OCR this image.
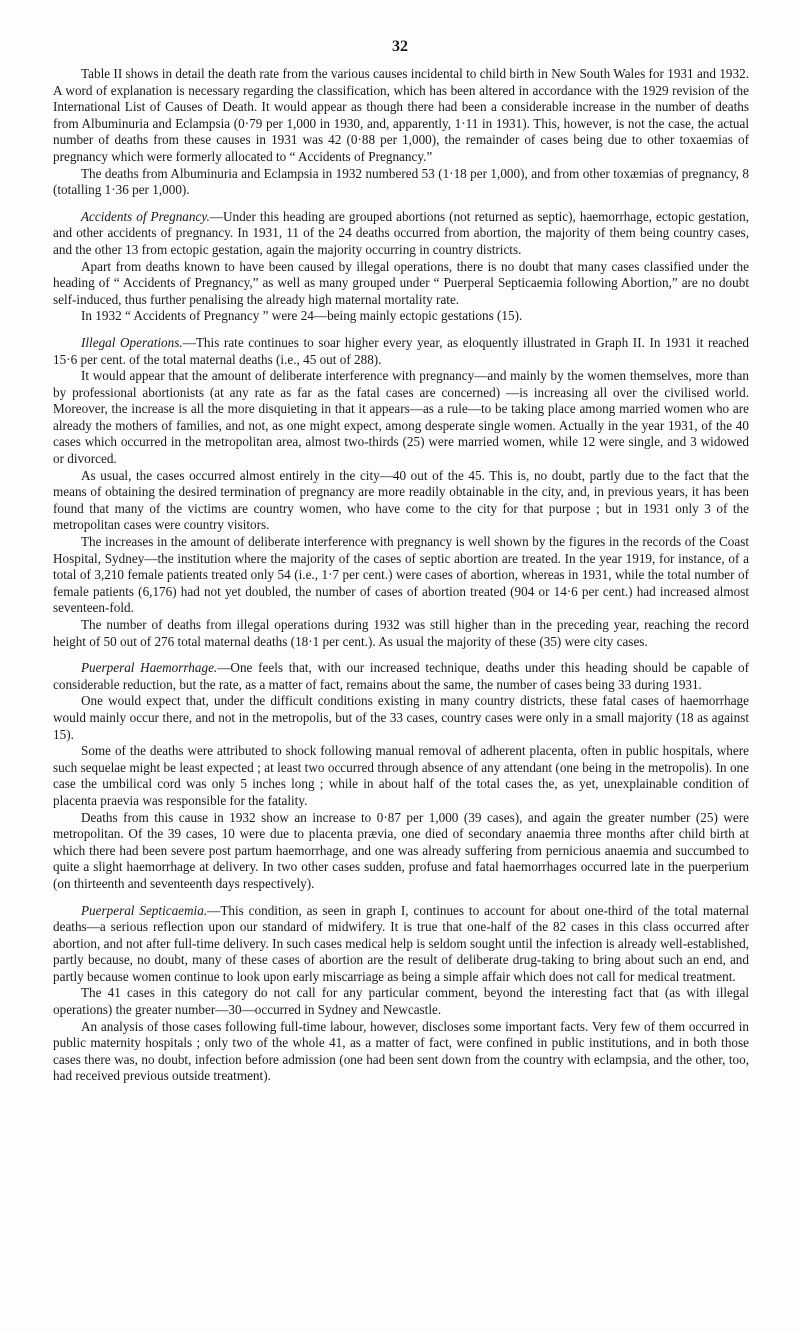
32

Table II shows in detail the death rate from the various causes incidental to child birth in New South Wales for 1931 and 1932. A word of explanation is necessary regarding the classification, which has been altered in accordance with the 1929 revision of the International List of Causes of Death. It would appear as though there had been a considerable increase in the number of deaths from Albuminuria and Eclampsia (0·79 per 1,000 in 1930, and, apparently, 1·11 in 1931). This, however, is not the case, the actual number of deaths from these causes in 1931 was 42 (0·88 per 1,000), the remainder of cases being due to other toxaemias of pregnancy which were formerly allocated to “ Accidents of Pregnancy.”

The deaths from Albuminuria and Eclampsia in 1932 numbered 53 (1·18 per 1,000), and from other toxæmias of pregnancy, 8 (totalling 1·36 per 1,000).

Accidents of Pregnancy.—Under this heading are grouped abortions (not returned as septic), haemorrhage, ectopic gestation, and other accidents of pregnancy. In 1931, 11 of the 24 deaths occurred from abortion, the majority of them being country cases, and the other 13 from ectopic gestation, again the majority occurring in country districts.

Apart from deaths known to have been caused by illegal operations, there is no doubt that many cases classified under the heading of “ Accidents of Pregnancy,” as well as many grouped under “ Puerperal Septicaemia following Abortion,” are no doubt self-induced, thus further penalising the already high maternal mortality rate.

In 1932 “ Accidents of Pregnancy ” were 24—being mainly ectopic gestations (15).

Illegal Operations.—This rate continues to soar higher every year, as eloquently illustrated in Graph II. In 1931 it reached 15·6 per cent. of the total maternal deaths (i.e., 45 out of 288).

It would appear that the amount of deliberate interference with pregnancy—and mainly by the women themselves, more than by professional abortionists (at any rate as far as the fatal cases are concerned) —is increasing all over the civilised world. Moreover, the increase is all the more disquieting in that it appears—as a rule—to be taking place among married women who are already the mothers of families, and not, as one might expect, among desperate single women. Actually in the year 1931, of the 40 cases which occurred in the metropolitan area, almost two-thirds (25) were married women, while 12 were single, and 3 widowed or divorced.

As usual, the cases occurred almost entirely in the city—40 out of the 45. This is, no doubt, partly due to the fact that the means of obtaining the desired termination of pregnancy are more readily obtainable in the city, and, in previous years, it has been found that many of the victims are country women, who have come to the city for that purpose ; but in 1931 only 3 of the metropolitan cases were country visitors.

The increases in the amount of deliberate interference with pregnancy is well shown by the figures in the records of the Coast Hospital, Sydney—the institution where the majority of the cases of septic abortion are treated. In the year 1919, for instance, of a total of 3,210 female patients treated only 54 (i.e., 1·7 per cent.) were cases of abortion, whereas in 1931, while the total number of female patients (6,176) had not yet doubled, the number of cases of abortion treated (904 or 14·6 per cent.) had increased almost seventeen-fold.

The number of deaths from illegal operations during 1932 was still higher than in the preceding year, reaching the record height of 50 out of 276 total maternal deaths (18·1 per cent.). As usual the majority of these (35) were city cases.

Puerperal Haemorrhage.—One feels that, with our increased technique, deaths under this heading should be capable of considerable reduction, but the rate, as a matter of fact, remains about the same, the number of cases being 33 during 1931.

One would expect that, under the difficult conditions existing in many country districts, these fatal cases of haemorrhage would mainly occur there, and not in the metropolis, but of the 33 cases, country cases were only in a small majority (18 as against 15).

Some of the deaths were attributed to shock following manual removal of adherent placenta, often in public hospitals, where such sequelae might be least expected ; at least two occurred through absence of any attendant (one being in the metropolis). In one case the umbilical cord was only 5 inches long ; while in about half of the total cases the, as yet, unexplainable condition of placenta praevia was responsible for the fatality.

Deaths from this cause in 1932 show an increase to 0·87 per 1,000 (39 cases), and again the greater number (25) were metropolitan. Of the 39 cases, 10 were due to placenta prævia, one died of secondary anaemia three months after child birth at which there had been severe post partum haemorrhage, and one was already suffering from pernicious anaemia and succumbed to quite a slight haemorrhage at delivery. In two other cases sudden, profuse and fatal haemorrhages occurred late in the puerperium (on thirteenth and seventeenth days respectively).

Puerperal Septicaemia.—This condition, as seen in graph I, continues to account for about one-third of the total maternal deaths—a serious reflection upon our standard of midwifery. It is true that one-half of the 82 cases in this class occurred after abortion, and not after full-time delivery. In such cases medical help is seldom sought until the infection is already well-established, partly because, no doubt, many of these cases of abortion are the result of deliberate drug-taking to bring about such an end, and partly because women continue to look upon early miscarriage as being a simple affair which does not call for medical treatment.

The 41 cases in this category do not call for any particular comment, beyond the interesting fact that (as with illegal operations) the greater number—30—occurred in Sydney and Newcastle.

An analysis of those cases following full-time labour, however, discloses some important facts. Very few of them occurred in public maternity hospitals ; only two of the whole 41, as a matter of fact, were confined in public institutions, and in both those cases there was, no doubt, infection before admission (one had been sent down from the country with eclampsia, and the other, too, had received previous outside treatment).
